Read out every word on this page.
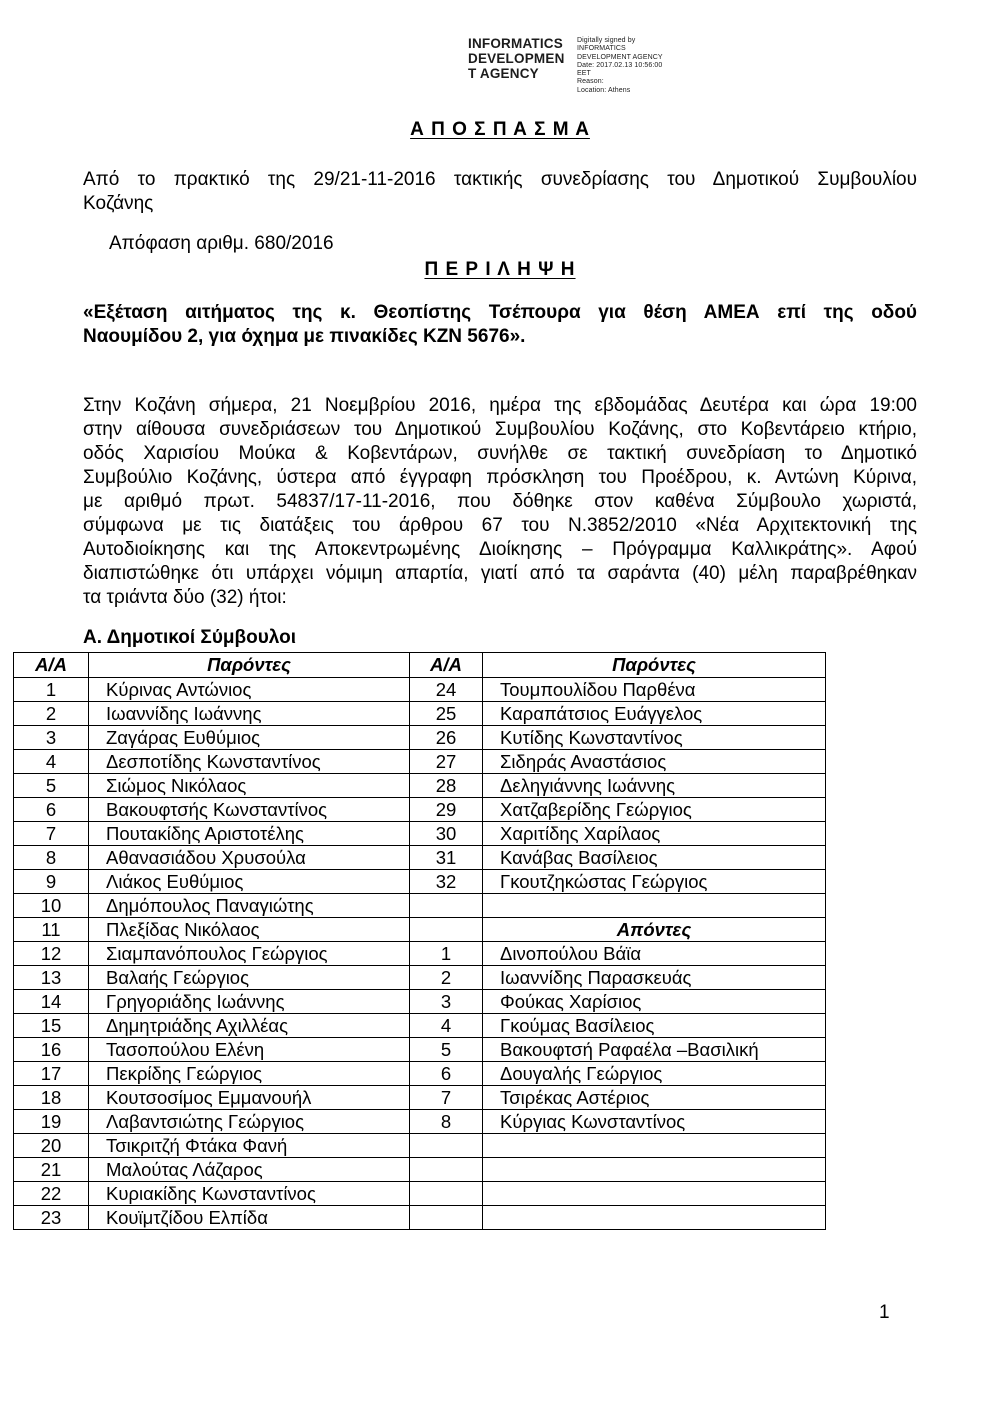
INFORMATICS
DEVELOPMEN
T AGENCY
Digitally signed by
INFORMATICS
DEVELOPMENT AGENCY
Date: 2017.02.13 10:56:00
EET
Reason:
Location: Athens
Α Π Ο Σ Π Α Σ Μ Α
Από το πρακτικό της 29/21-11-2016 τακτικής συνεδρίασης του Δημοτικού Συμβουλίου
Κοζάνης
Απόφαση αριθμ. 680/2016
Π Ε Ρ Ι Λ Η Ψ Η
«Εξέταση αιτήματος της κ. Θεοπίστης Τσέπουρα για θέση ΑΜΕΑ επί της οδού
Ναουμίδου 2, για όχημα με πινακίδες ΚΖΝ 5676».
Στην Κοζάνη σήμερα, 21 Νοεμβρίου 2016, ημέρα της εβδομάδας Δευτέρα και ώρα 19:00
στην αίθουσα συνεδριάσεων του Δημοτικού Συμβουλίου Κοζάνης, στο Κοβεντάρειο κτήριο,
οδός Χαρισίου Μούκα & Κοβεντάρων, συνήλθε σε τακτική συνεδρίαση το Δημοτικό
Συμβούλιο Κοζάνης, ύστερα από έγγραφη πρόσκληση του Προέδρου, κ. Αντώνη Κύρινα,
με αριθμό πρωτ. 54837/17-11-2016, που δόθηκε στον καθένα Σύμβουλο χωριστά,
σύμφωνα με τις διατάξεις του άρθρου 67 του Ν.3852/2010 «Νέα Αρχιτεκτονική της
Αυτοδιοίκησης και της Αποκεντρωμένης Διοίκησης – Πρόγραμμα Καλλικράτης». Αφού
διαπιστώθηκε ότι υπάρχει νόμιμη απαρτία, γιατί από τα σαράντα (40) μέλη παραβρέθηκαν
τα τριάντα δύο (32) ήτοι:
Α. Δημοτικοί Σύμβουλοι
Α/Α	Παρόντες	Α/Α	Παρόντες
1	Κύρινας Αντώνιος	24	Τουμπουλίδου Παρθένα
2	Ιωαννίδης Ιωάννης	25	Καραπάτσιος Ευάγγελος
3	Ζαγάρας Ευθύμιος	26	Κυτίδης Κωνσταντίνος
4	Δεσποτίδης Κωνσταντίνος	27	Σιδηράς Αναστάσιος
5	Σιώμος Νικόλαος	28	Δεληγιάννης Ιωάννης
6	Βακουφτσής Κωνσταντίνος	29	Χατζαβερίδης Γεώργιος
7	Πουτακίδης Αριστοτέλης	30	Χαριτίδης Χαρίλαος
8	Αθανασιάδου Χρυσούλα	31	Κανάβας Βασίλειος
9	Λιάκος Ευθύμιος	32	Γκουτζηκώστας Γεώργιος
10	Δημόπουλος Παναγιώτης		
11	Πλεξίδας Νικόλαος		Απόντες
12	Σιαμπανόπουλος Γεώργιος	1	Δινοπούλου Βάϊα
13	Βαλαής Γεώργιος	2	Ιωαννίδης Παρασκευάς
14	Γρηγοριάδης Ιωάννης	3	Φούκας Χαρίσιος
15	Δημητριάδης Αχιλλέας	4	Γκούμας Βασίλειος
16	Τασοπούλου Ελένη	5	Βακουφτσή Ραφαέλα –Βασιλική
17	Πεκρίδης Γεώργιος	6	Δουγαλής Γεώργιος
18	Κουτσοσίμος Εμμανουήλ	7	Τσιρέκας Αστέριος
19	Λαβαντσιώτης Γεώργιος	8	Κύργιας Κωνσταντίνος
20	Τσικριτζή Φτάκα Φανή		
21	Μαλούτας Λάζαρος		
22	Κυριακίδης Κωνσταντίνος		
23	Κουϊμτζίδου Ελπίδα		
1
